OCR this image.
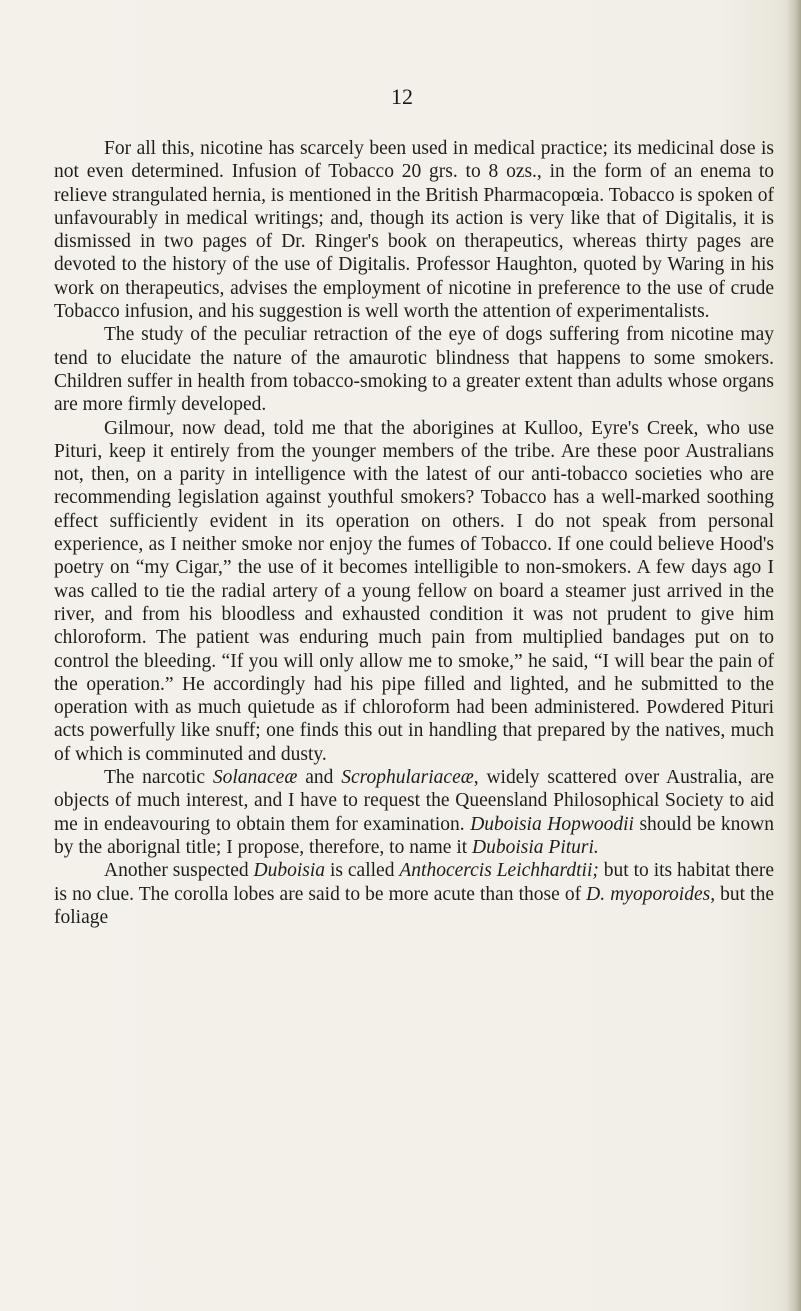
12

For all this, nicotine has scarcely been used in medical practice; its medicinal dose is not even determined. Infusion of Tobacco 20 grs. to 8 ozs., in the form of an enema to relieve strangulated hernia, is mentioned in the British Pharmacopœia. Tobacco is spoken of unfavourably in medical writings; and, though its action is very like that of Digitalis, it is dismissed in two pages of Dr. Ringer's book on therapeutics, whereas thirty pages are devoted to the history of the use of Digitalis. Professor Haughton, quoted by Waring in his work on therapeutics, advises the employment of nicotine in preference to the use of crude Tobacco infusion, and his suggestion is well worth the attention of experimentalists.

The study of the peculiar retraction of the eye of dogs suffering from nicotine may tend to elucidate the nature of the amaurotic blindness that happens to some smokers. Children suffer in health from tobacco-smoking to a greater extent than adults whose organs are more firmly developed.

Gilmour, now dead, told me that the aborigines at Kulloo, Eyre's Creek, who use Pituri, keep it entirely from the younger members of the tribe. Are these poor Australians not, then, on a parity in intelligence with the latest of our anti-tobacco societies who are recommending legislation against youthful smokers? Tobacco has a well-marked soothing effect sufficiently evident in its operation on others. I do not speak from personal experience, as I neither smoke nor enjoy the fumes of Tobacco. If one could believe Hood's poetry on “my Cigar,” the use of it becomes intelligible to non-smokers. A few days ago I was called to tie the radial artery of a young fellow on board a steamer just arrived in the river, and from his bloodless and exhausted condition it was not prudent to give him chloroform. The patient was enduring much pain from multiplied bandages put on to control the bleeding. “If you will only allow me to smoke,” he said, “I will bear the pain of the operation.” He accordingly had his pipe filled and lighted, and he submitted to the operation with as much quietude as if chloroform had been administered. Powdered Pituri acts powerfully like snuff; one finds this out in handling that prepared by the natives, much of which is comminuted and dusty.

The narcotic Solanaceæ and Scrophulariaceæ, widely scattered over Australia, are objects of much interest, and I have to request the Queensland Philosophical Society to aid me in endeavouring to obtain them for examination. Duboisia Hopwoodii should be known by the aborignal title; I propose, therefore, to name it Duboisia Pituri.

Another suspected Duboisia is called Anthocercis Leichhardtii; but to its habitat there is no clue. The corolla lobes are said to be more acute than those of D. myoporoides, but the foliage
